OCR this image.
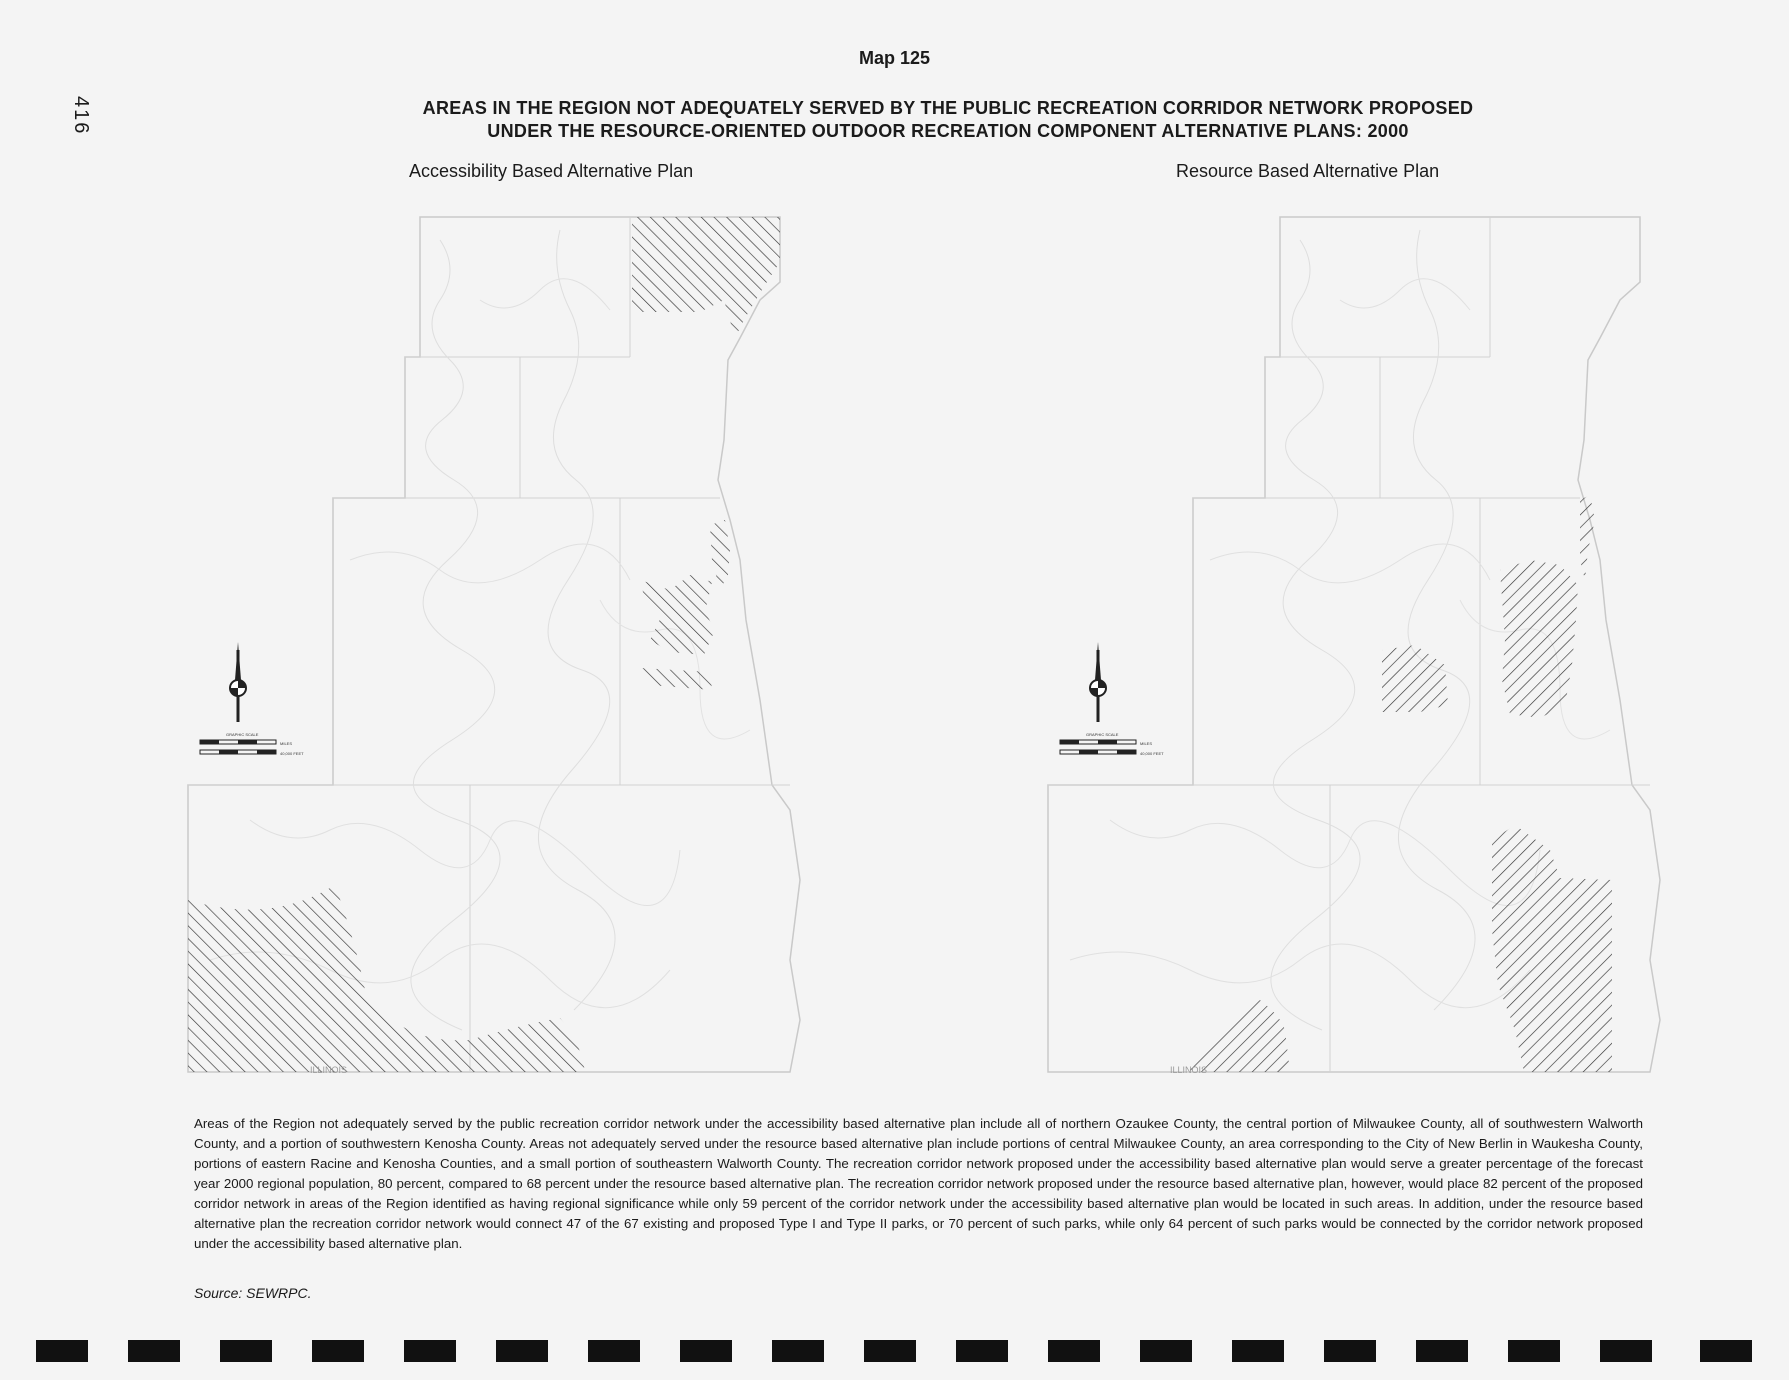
416
Map 125
AREAS IN THE REGION NOT ADEQUATELY SERVED BY THE PUBLIC RECREATION CORRIDOR NETWORK PROPOSED
UNDER THE RESOURCE-ORIENTED OUTDOOR RECREATION COMPONENT ALTERNATIVE PLANS: 2000
Accessibility Based Alternative Plan	Resource Based Alternative Plan
GRAPHIC SCALE
MILES
40,000 FEET
ILLINOIS
GRAPHIC SCALE
MILES
40,000 FEET
ILLINOIS
Areas of the Region not adequately served by the public recreation corridor network under the accessibility based alternative plan include all of northern Ozaukee County, the central portion of Milwaukee County, all of southwestern Walworth County, and a portion of southwestern Kenosha County. Areas not adequately served under the resource based alternative plan include portions of central Milwaukee County, an area corresponding to the City of New Berlin in Waukesha County, portions of eastern Racine and Kenosha Counties, and a small portion of southeastern Walworth County. The recreation corridor network proposed under the accessibility based alternative plan would serve a greater percentage of the forecast year 2000 regional population, 80 percent, compared to 68 percent under the resource based alternative plan. The recreation corridor network proposed under the resource based alternative plan, however, would place 82 percent of the proposed corridor network in areas of the Region identified as having regional significance while only 59 percent of the corridor network under the accessibility based alternative plan would be located in such areas. In addition, under the resource based alternative plan the recreation corridor network would connect 47 of the 67 existing and proposed Type I and Type II parks, or 70 percent of such parks, while only 64 percent of such parks would be connected by the corridor network proposed under the accessibility based alternative plan.
Source: SEWRPC.
